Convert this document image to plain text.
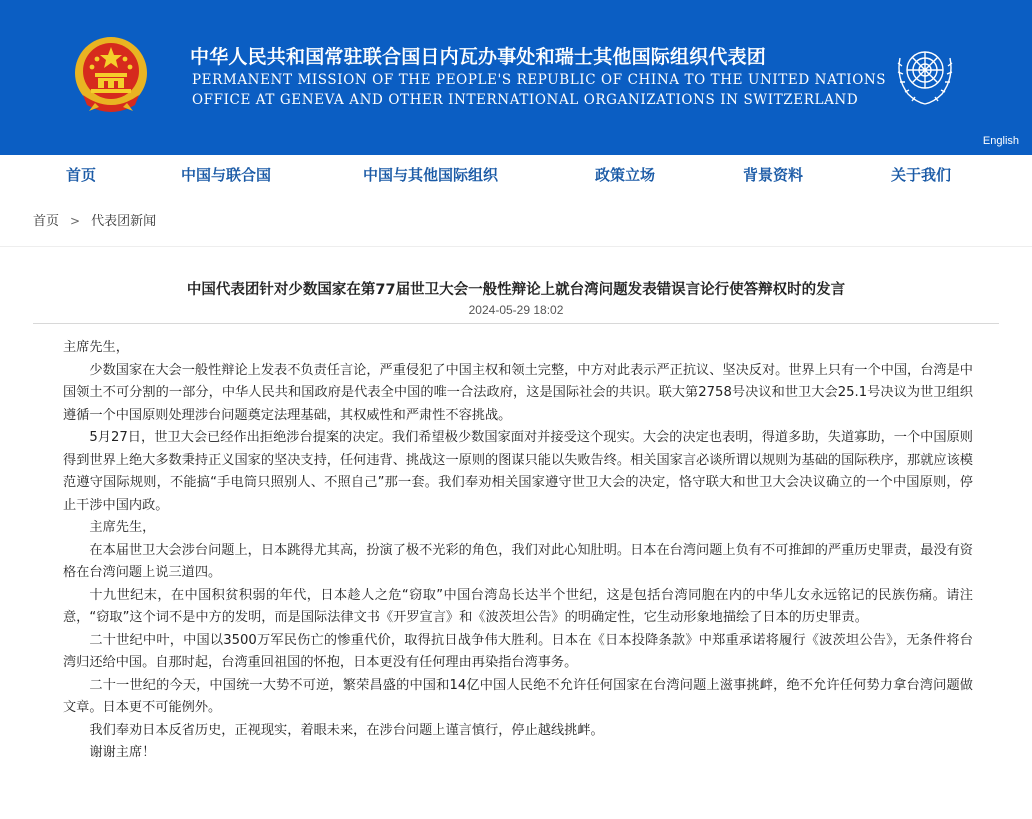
中华人民共和国常驻联合国日内瓦办事处和瑞士其他国际组织代表团
PERMANENT MISSION OF THE PEOPLE'S REPUBLIC OF CHINA TO THE UNITED NATIONS
OFFICE AT GENEVA AND OTHER INTERNATIONAL ORGANIZATIONS IN SWITZERLAND
English
首页	中国与联合国	中国与其他国际组织	政策立场	背景资料	关于我们
首页 > 代表团新闻
中国代表团针对少数国家在第77届世卫大会一般性辩论上就台湾问题发表错误言论行使答辩权时的发言
2024-05-29 18:02

主席先生，

少数国家在大会一般性辩论上发表不负责任言论，严重侵犯了中国主权和领土完整，中方对此表示严正抗议、坚决反对。世界上只有一个中国，台湾是中国领土不可分割的一部分，中华人民共和国政府是代表全中国的唯一合法政府，这是国际社会的共识。联大第2758号决议和世卫大会25.1号决议为世卫组织遵循一个中国原则处理涉台问题奠定法理基础，其权威性和严肃性不容挑战。

5月27日，世卫大会已经作出拒绝涉台提案的决定。我们希望极少数国家面对并接受这个现实。大会的决定也表明，得道多助，失道寡助，一个中国原则得到世界上绝大多数秉持正义国家的坚决支持，任何违背、挑战这一原则的图谋只能以失败告终。相关国家言必谈所谓以规则为基础的国际秩序，那就应该模范遵守国际规则，不能搞“手电筒只照别人、不照自己”那一套。我们奉劝相关国家遵守世卫大会的决定，恪守联大和世卫大会决议确立的一个中国原则，停止干涉中国内政。

主席先生，

在本届世卫大会涉台问题上，日本跳得尤其高，扮演了极不光彩的角色，我们对此心知肚明。日本在台湾问题上负有不可推卸的严重历史罪责，最没有资格在台湾问题上说三道四。

十九世纪末，在中国积贫积弱的年代，日本趁人之危“窃取”中国台湾岛长达半个世纪，这是包括台湾同胞在内的中华儿女永远铭记的民族伤痛。请注意，“窃取”这个词不是中方的发明，而是国际法律文书《开罗宣言》和《波茨坦公告》的明确定性，它生动形象地描绘了日本的历史罪责。

二十世纪中叶，中国以3500万军民伤亡的惨重代价，取得抗日战争伟大胜利。日本在《日本投降条款》中郑重承诺将履行《波茨坦公告》，无条件将台湾归还给中国。自那时起，台湾重回祖国的怀抱，日本更没有任何理由再染指台湾事务。

二十一世纪的今天，中国统一大势不可逆，繁荣昌盛的中国和14亿中国人民绝不允许任何国家在台湾问题上滋事挑衅，绝不允许任何势力拿台湾问题做文章。日本更不可能例外。

我们奉劝日本反省历史，正视现实，着眼未来，在涉台问题上谨言慎行，停止越线挑衅。

谢谢主席！
